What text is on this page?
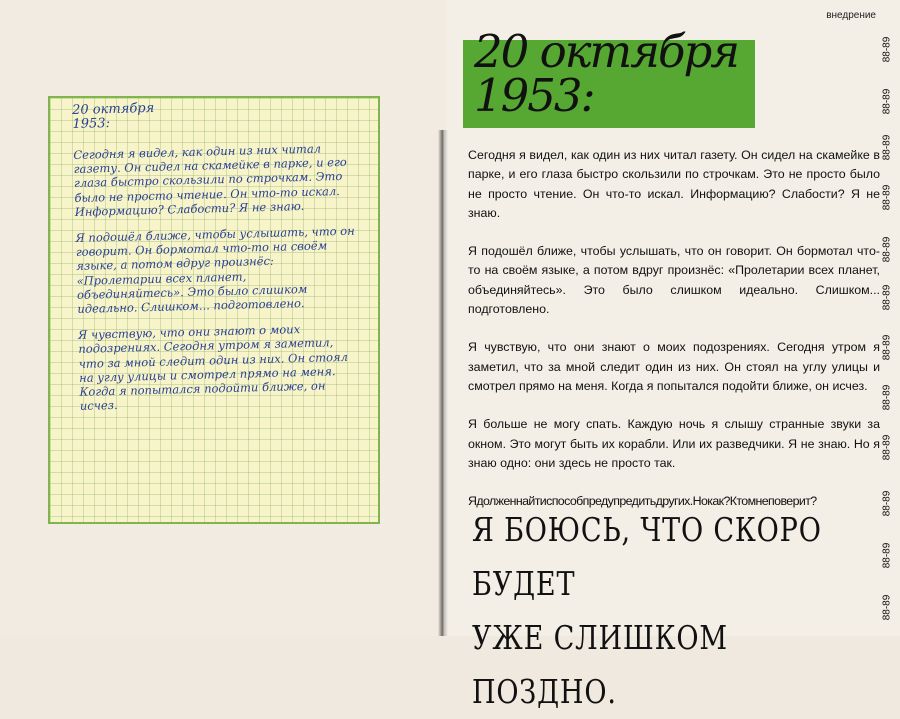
20 октября
1953:

Сегодня я видел, как один из них читал газету. Он сидел на скамейке в парке, и его глаза быстро скользили по строчкам. Это было не просто чтение. Он что-то искал. Информацию? Слабости? Я не знаю.

Я подошёл ближе, чтобы услышать, что он говорит. Он бормотал что-то на своём языке, а потом вдруг произнёс: «Пролетарии всех планет, объединяйтесь». Это было слишком идеально. Слишком... подготовлено.

Я чувствую, что они знают о моих подозрениях. Сегодня утром я заметил, что за мной следит один из них. Он стоял на углу улицы и смотрел прямо на меня. Когда я попытался подойти ближе, он исчез.

внедрение
20 октября
1953:
88-89
88-89
88-89
88-89
88-89
88-89
88-89
88-89
88-89
88-89
88-89
88-89

Сегодня я видел, как один из них читал газету. Он сидел на скамейке в парке, и его глаза быстро скользили по строчкам. Это не просто было не просто чтение. Он что-то искал. Информацию? Слабости? Я не знаю.

Я подошёл ближе, чтобы услышать, что он говорит. Он бормотал что-то на своём языке, а потом вдруг произнёс: «Пролетарии всех планет, объединяйтесь». Это было слишком идеально. Слишком... подготовлено.

Я чувствую, что они знают о моих подозрениях. Сегодня утром я заметил, что за мной следит один из них. Он стоял на углу улицы и смотрел прямо на меня. Когда я попытался подойти ближе, он исчез.

Я больше не могу спать. Каждую ночь я слышу странные звуки за окном. Это могут быть их корабли. Или их разведчики. Я не знаю. Но я знаю одно: они здесь не просто так.

Ядолженнайтиспособпредупредитьдругих.Нокак?Ктомнеповерит?

Я БОЮСЬ, ЧТО СКОРО БУДЕТ
УЖЕ СЛИШКОМ ПОЗДНО.
